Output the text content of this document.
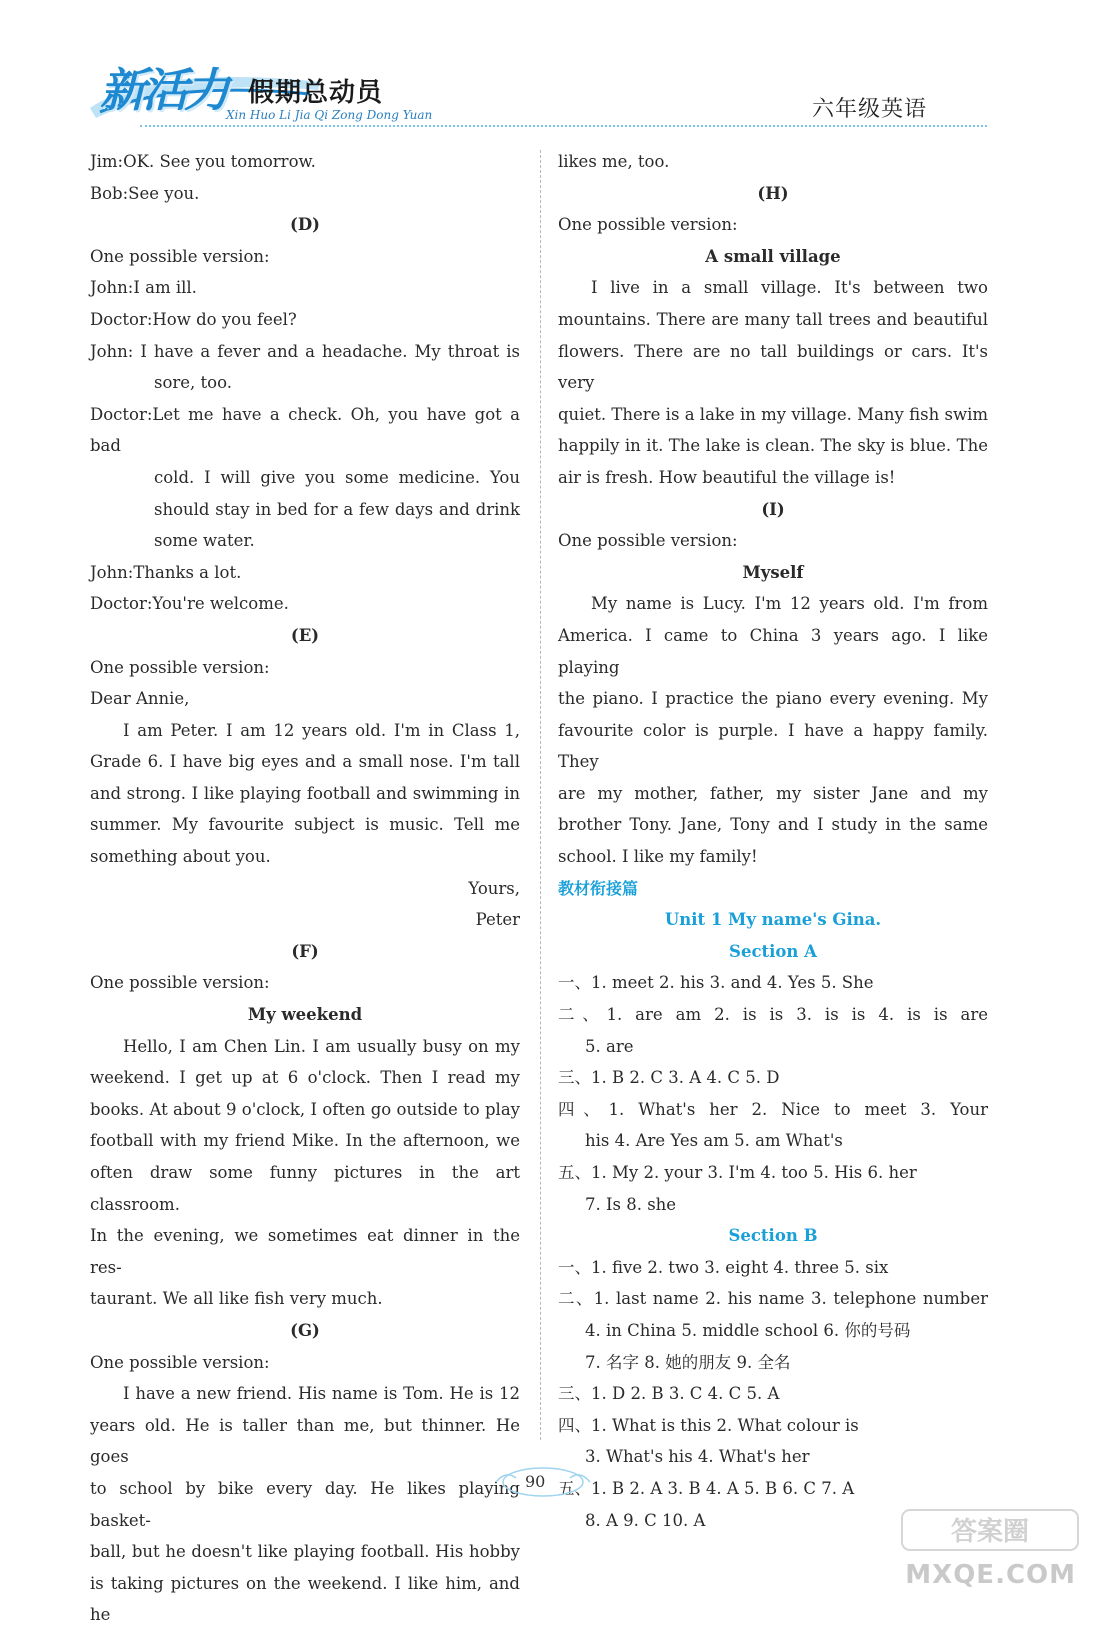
新活力 假期总动员
Xin Huo Li Jia Qi Zong Dong Yuan	六年级英语
Jim:OK. See you tomorrow.
Bob:See you.
(D)
One possible version:
John:I am ill.
Doctor:How do you feel?
John: I have a fever and a headache. My throat is
sore, too.
Doctor:Let me have a check. Oh, you have got a bad
cold. I will give you some medicine. You
should stay in bed for a few days and drink
some water.
John:Thanks a lot.
Doctor:You're welcome.
(E)
One possible version:
Dear Annie,
I am Peter. I am 12 years old. I'm in Class 1,
Grade 6. I have big eyes and a small nose. I'm tall
and strong. I like playing football and swimming in
summer. My favourite subject is music. Tell me
something about you.
Yours,
Peter
(F)
One possible version:
My weekend
Hello, I am Chen Lin. I am usually busy on my
weekend. I get up at 6 o'clock. Then I read my
books. At about 9 o'clock, I often go outside to play
football with my friend Mike. In the afternoon, we
often draw some funny pictures in the art classroom.
In the evening, we sometimes eat dinner in the res-
taurant. We all like fish very much.
(G)
One possible version:
I have a new friend. His name is Tom. He is 12
years old. He is taller than me, but thinner. He goes
to school by bike every day. He likes playing basket-
ball, but he doesn't like playing football. His hobby
is taking pictures on the weekend. I like him, and he
likes me, too.
(H)
One possible version:
A small village
I live in a small village. It's between two
mountains. There are many tall trees and beautiful
flowers. There are no tall buildings or cars. It's very
quiet. There is a lake in my village. Many fish swim
happily in it. The lake is clean. The sky is blue. The
air is fresh. How beautiful the village is!
(I)
One possible version:
Myself
My name is Lucy. I'm 12 years old. I'm from
America. I came to China 3 years ago. I like playing
the piano. I practice the piano every evening. My
favourite color is purple. I have a happy family. They
are my mother, father, my sister Jane and my
brother Tony. Jane, Tony and I study in the same
school. I like my family!
教材衔接篇
Unit 1 My name's Gina.
Section A
一、1. meet 2. his 3. and 4. Yes 5. She
二、1. are am 2. is is 3. is is 4. is is are
5. are
三、1. B 2. C 3. A 4. C 5. D
四、1. What's her 2. Nice to meet 3. Your
his 4. Are Yes am 5. am What's
五、1. My 2. your 3. I'm 4. too 5. His 6. her
7. Is 8. she
Section B
一、1. five 2. two 3. eight 4. three 5. six
二、1. last name 2. his name 3. telephone number
4. in China 5. middle school 6. 你的号码
7. 名字 8. 她的朋友 9. 全名
三、1. D 2. B 3. C 4. C 5. A
四、1. What is this 2. What colour is
3. What's his 4. What's her
五、1. B 2. A 3. B 4. A 5. B 6. C 7. A
8. A 9. C 10. A
90
答案圈
MXQE.COM
